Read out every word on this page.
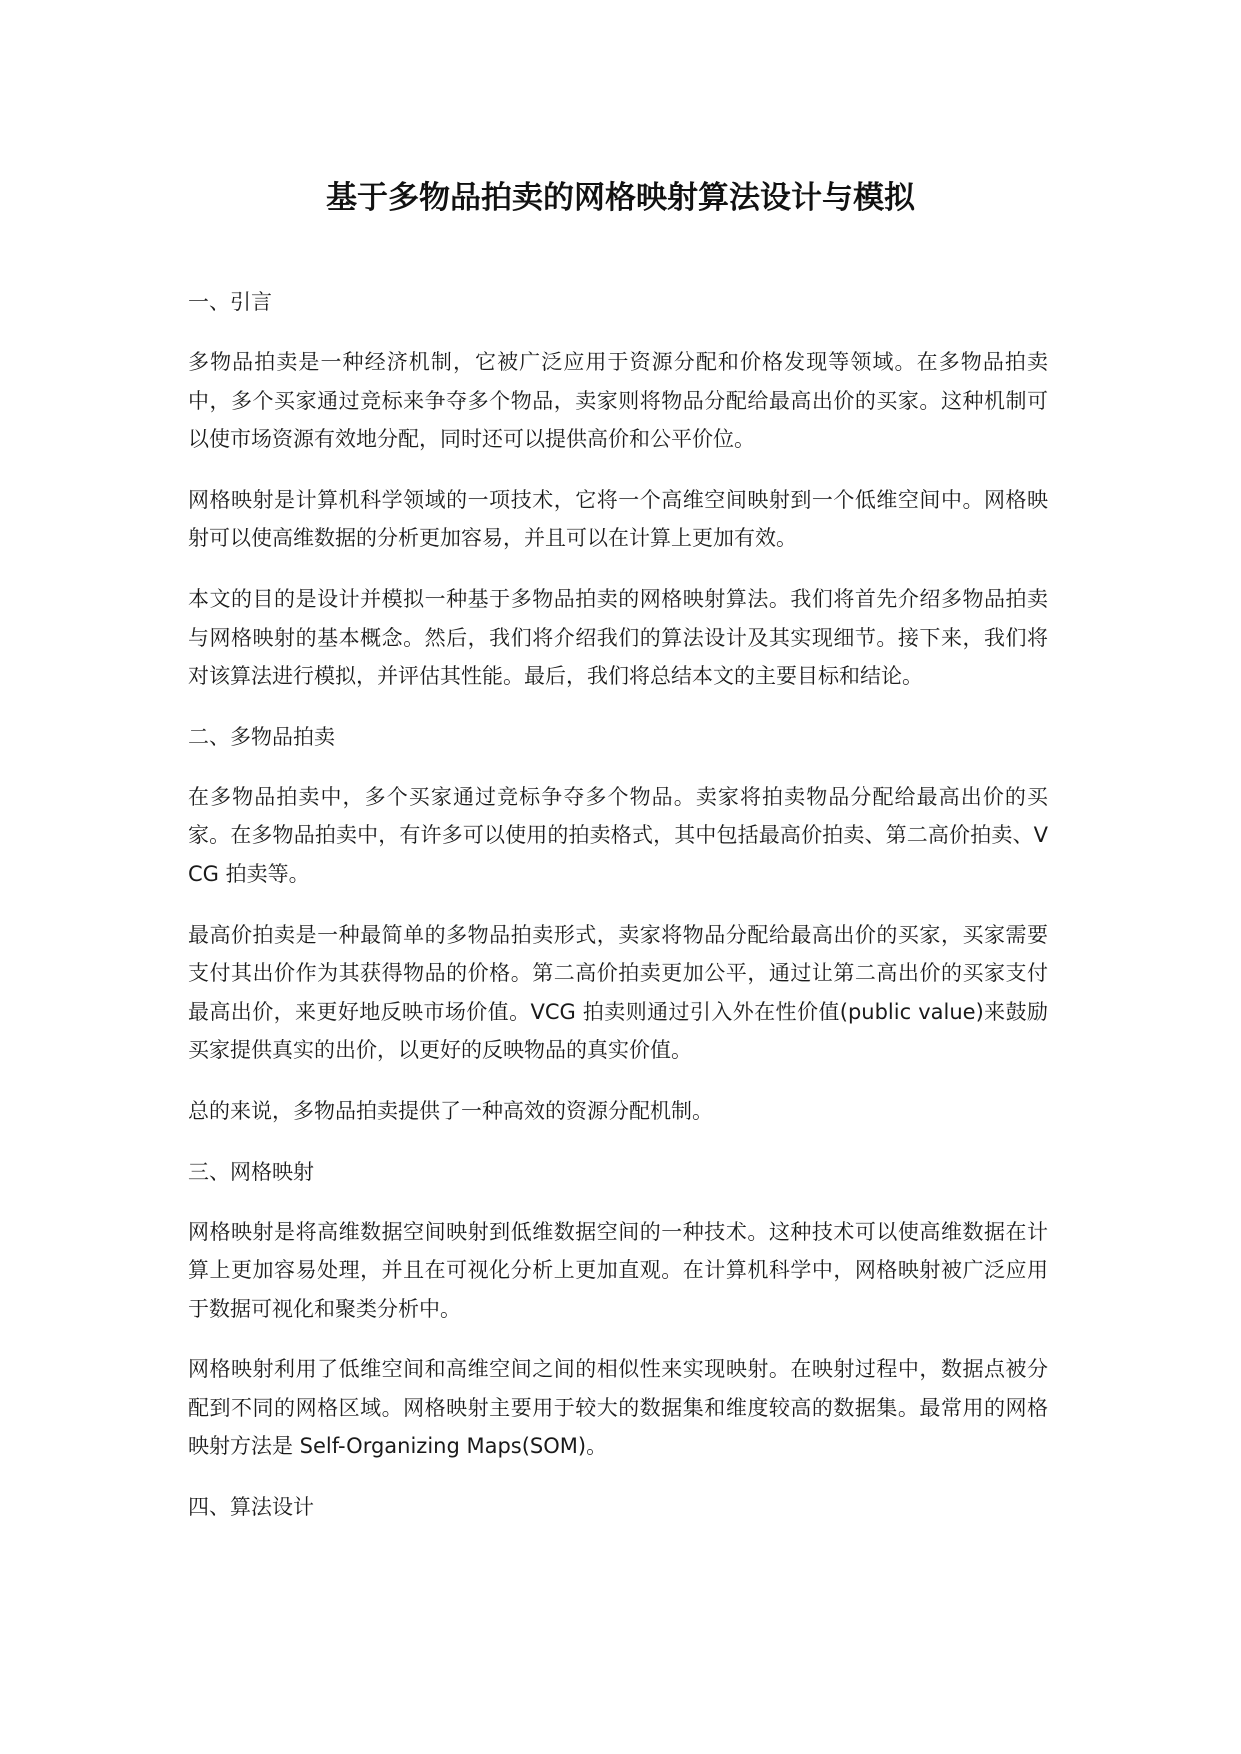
基于多物品拍卖的网格映射算法设计与模拟
一、引言

多物品拍卖是一种经济机制，它被广泛应用于资源分配和价格发现等领域。在多物品拍卖中，多个买家通过竞标来争夺多个物品，卖家则将物品分配给最高出价的买家。这种机制可以使市场资源有效地分配，同时还可以提供高价和公平价位。

网格映射是计算机科学领域的一项技术，它将一个高维空间映射到一个低维空间中。网格映射可以使高维数据的分析更加容易，并且可以在计算上更加有效。

本文的目的是设计并模拟一种基于多物品拍卖的网格映射算法。我们将首先介绍多物品拍卖与网格映射的基本概念。然后，我们将介绍我们的算法设计及其实现细节。接下来，我们将对该算法进行模拟，并评估其性能。最后，我们将总结本文的主要目标和结论。

二、多物品拍卖

在多物品拍卖中，多个买家通过竞标争夺多个物品。卖家将拍卖物品分配给最高出价的买家。在多物品拍卖中，有许多可以使用的拍卖格式，其中包括最高价拍卖、第二高价拍卖、VCG 拍卖等。

最高价拍卖是一种最简单的多物品拍卖形式，卖家将物品分配给最高出价的买家，买家需要支付其出价作为其获得物品的价格。第二高价拍卖更加公平，通过让第二高出价的买家支付最高出价，来更好地反映市场价值。VCG 拍卖则通过引入外在性价值(public value)来鼓励买家提供真实的出价，以更好的反映物品的真实价值。

总的来说，多物品拍卖提供了一种高效的资源分配机制。

三、网格映射

网格映射是将高维数据空间映射到低维数据空间的一种技术。这种技术可以使高维数据在计算上更加容易处理，并且在可视化分析上更加直观。在计算机科学中，网格映射被广泛应用于数据可视化和聚类分析中。

网格映射利用了低维空间和高维空间之间的相似性来实现映射。在映射过程中，数据点被分配到不同的网格区域。网格映射主要用于较大的数据集和维度较高的数据集。最常用的网格映射方法是 Self-Organizing Maps(SOM)。

四、算法设计
